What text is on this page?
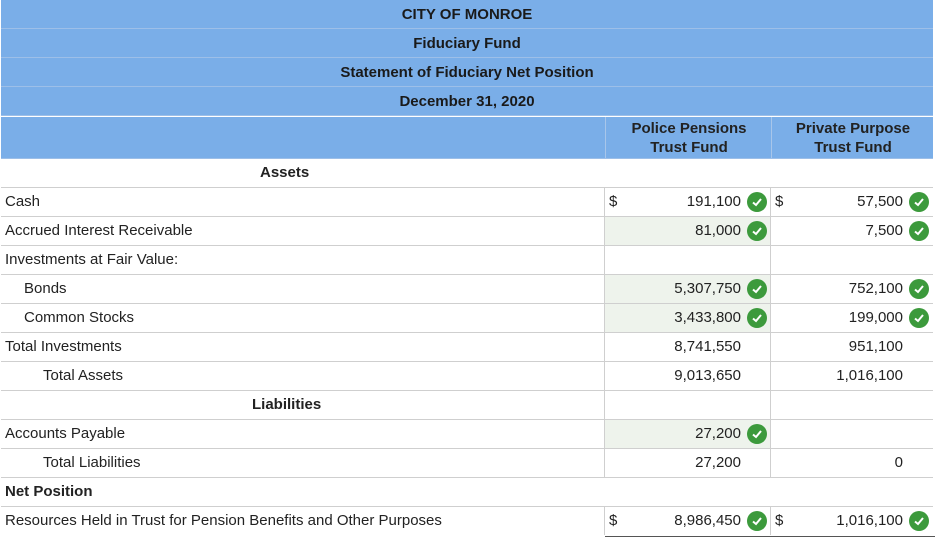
CITY OF MONROE
Fiduciary Fund
Statement of Fiduciary Net Position
December 31, 2020
Police Pensions
Trust Fund
Private Purpose
Trust Fund
Assets
Cash	$	191,100 $	57,500
Accrued Interest Receivable	81,000	7,500
Investments at Fair Value:
Bonds	5,307,750	752,100
Common Stocks	3,433,800	199,000
Total Investments	8,741,550	951,100
Total Assets	9,013,650	1,016,100
Liabilities
Accounts Payable	27,200
Total Liabilities	27,200	0
Net Position
Resources Held in Trust for Pension Benefits and Other Purposes	$	8,986,450 $	1,016,100
